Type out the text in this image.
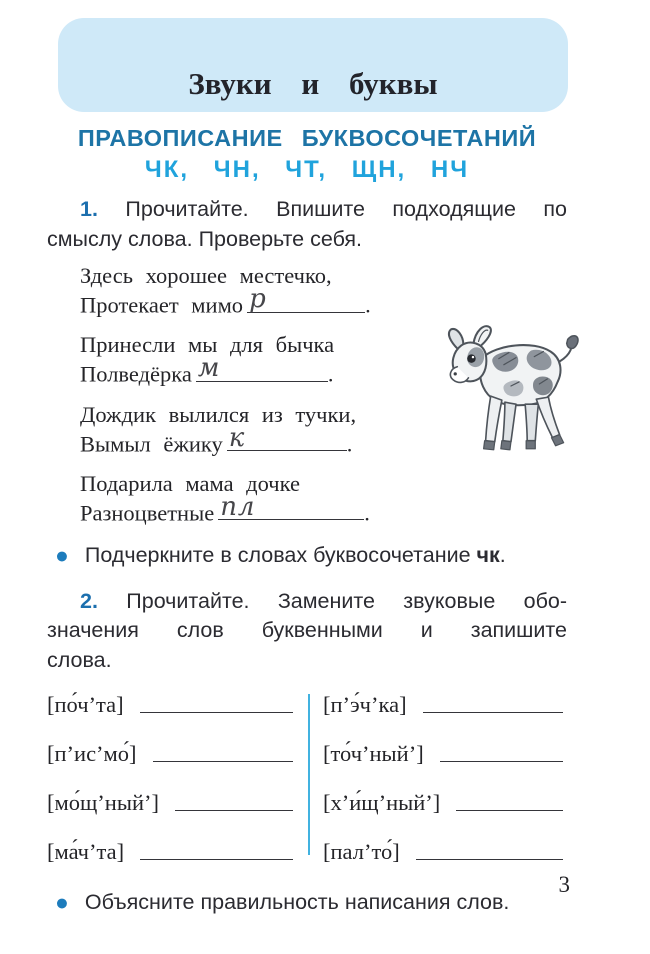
Звуки и буквы
ПРАВОПИСАНИЕ БУКВОСОЧЕТАНИЙ
ЧК, ЧН, ЧТ, ЩН, НЧ
1. Прочитайте. Впишите подходящие по
смыслу слова. Проверьте себя.
Здесь хорошее местечко,
Протекает мимо р	.
Принесли мы для бычка
Полведёрка м	.
Дождик вылился из тучки,
Вымыл ёжику к	.
Подарила мама дочке
Разноцветные пл	.
● Подчеркните в словах буквосочетание чк.
2. Прочитайте. Замените звуковые обо-
значения слов буквенными и запишите
слова.
[по́ч’та]	[п’э́ч’ка]
[п’ис’мо́]	[то́ч’ный’]
[мо́щ’ный’]	[х’и́щ’ный’]
[ма́ч’та]	[пал’то́]
● Объясните правильность написания слов.
3
